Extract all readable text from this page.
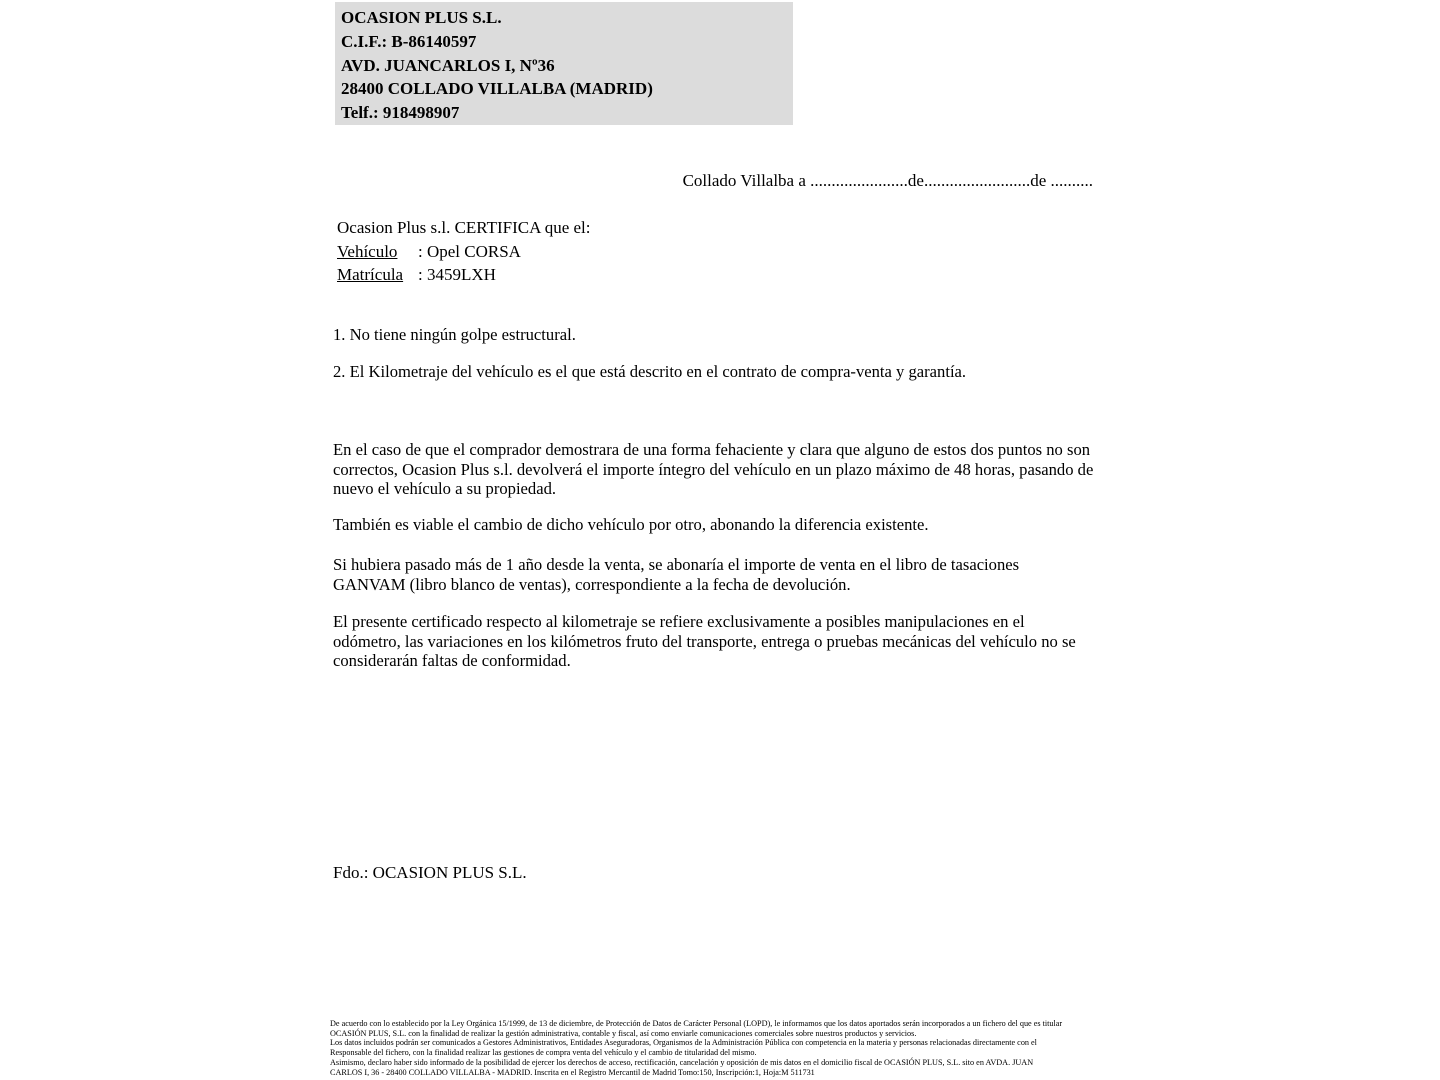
OCASION PLUS S.L.
C.I.F.: B-86140597
AVD. JUANCARLOS I, Nº36
28400 COLLADO VILLALBA (MADRID)
Telf.: 918498907
Collado Villalba a .......................de.........................de ..........
Ocasion Plus s.l. CERTIFICA que el:
Vehículo : Opel CORSA
Matrícula : 3459LXH
1. No tiene ningún golpe estructural.
2. El Kilometraje del vehículo es el que está descrito en el contrato de compra-venta y garantía.

En el caso de que el comprador demostrara de una forma fehaciente y clara que alguno de estos dos puntos no son correctos, Ocasion Plus s.l. devolverá el importe íntegro del vehículo en un plazo máximo de 48 horas, pasando de nuevo el vehículo a su propiedad.

También es viable el cambio de dicho vehículo por otro, abonando la diferencia existente.

Si hubiera pasado más de 1 año desde la venta, se abonaría el importe de venta en el libro de tasaciones GANVAM (libro blanco de ventas), correspondiente a la fecha de devolución.

El presente certificado respecto al kilometraje se refiere exclusivamente a posibles manipulaciones en el odómetro, las variaciones en los kilómetros fruto del transporte, entrega o pruebas mecánicas del vehículo no se considerarán faltas de conformidad.

Fdo.: OCASION PLUS S.L.
De acuerdo con lo establecido por la Ley Orgánica 15/1999, de 13 de diciembre, de Protección de Datos de Carácter Personal (LOPD), le informamos que los datos aportados serán incorporados a un fichero del que es titular
OCASIÓN PLUS, S.L. con la finalidad de realizar la gestión administrativa, contable y fiscal, así como enviarle comunicaciones comerciales sobre nuestros productos y servicios.
Los datos incluidos podrán ser comunicados a Gestores Administrativos, Entidades Aseguradoras, Organismos de la Administración Pública con competencia en la materia y personas relacionadas directamente con el
Responsable del fichero, con la finalidad realizar las gestiones de compra venta del vehículo y el cambio de titularidad del mismo.
Asimismo, declaro haber sido informado de la posibilidad de ejercer los derechos de acceso, rectificación, cancelación y oposición de mis datos en el domicilio fiscal de OCASIÓN PLUS, S.L. sito en AVDA. JUAN
CARLOS I, 36 - 28400 COLLADO VILLALBA - MADRID. Inscrita en el Registro Mercantil de Madrid Tomo:150, Inscripción:1, Hoja:M 511731
